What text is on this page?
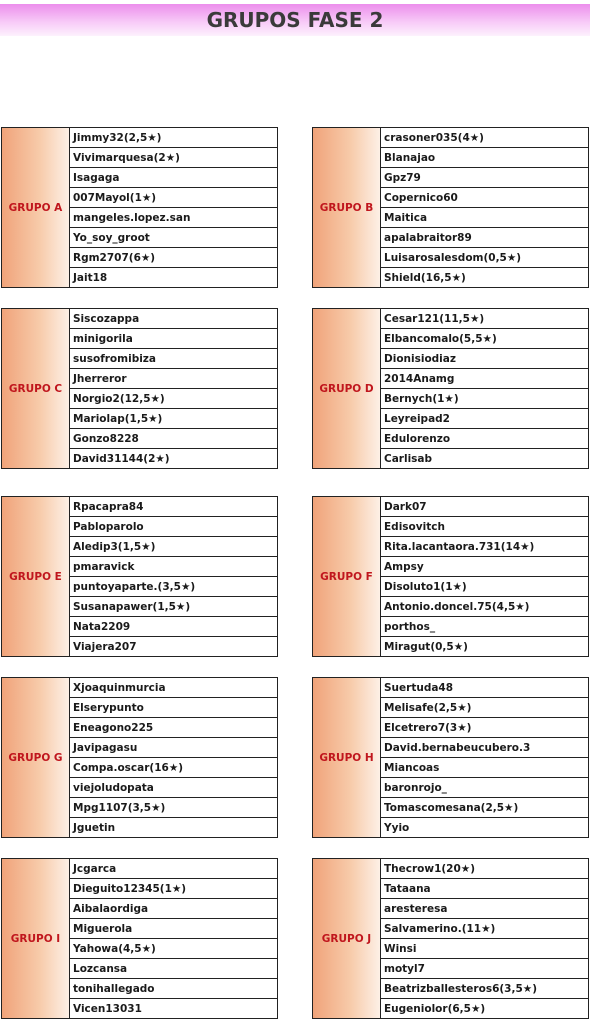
GRUPOS FASE 2
GRUPO A
Jimmy32(2,5★)
Vivimarquesa(2★)
Isagaga
007Mayol(1★)
mangeles.lopez.san
Yo_soy_groot
Rgm2707(6★)
Jait18
GRUPO B
crasoner035(4★)
Blanajao
Gpz79
Copernico60
Maitica
apalabraitor89
Luisarosalesdom(0,5★)
Shield(16,5★)
GRUPO C
Siscozappa
minigorila
susofromibiza
Jherreror
Norgio2(12,5★)
Mariolap(1,5★)
Gonzo8228
David31144(2★)
GRUPO D
Cesar121(11,5★)
Elbancomalo(5,5★)
Dionisiodiaz
2014Anamg
Bernych(1★)
Leyreipad2
Edulorenzo
Carlisab
GRUPO E
Rpacapra84
Pabloparolo
Aledip3(1,5★)
pmaravick
puntoyaparte.(3,5★)
Susanapawer(1,5★)
Nata2209
Viajera207
GRUPO F
Dark07
Edisovitch
Rita.lacantaora.731(14★)
Ampsy
Disoluto1(1★)
Antonio.doncel.75(4,5★)
porthos_
Miragut(0,5★)
GRUPO G
Xjoaquinmurcia
Elserypunto
Eneagono225
Javipagasu
Compa.oscar(16★)
viejoludopata
Mpg1107(3,5★)
Jguetin
GRUPO H
Suertuda48
Melisafe(2,5★)
Elcetrero7(3★)
David.bernabeucubero.3
Miancoas
baronrojo_
Tomascomesana(2,5★)
Yyio
GRUPO I
Jcgarca
Dieguito12345(1★)
Aibalaordiga
Miguerola
Yahowa(4,5★)
Lozcansa
tonihallegado
Vicen13031
GRUPO J
Thecrow1(20★)
Tataana
aresteresa
Salvamerino.(11★)
Winsi
motyl7
Beatrizballesteros6(3,5★)
Eugeniolor(6,5★)
